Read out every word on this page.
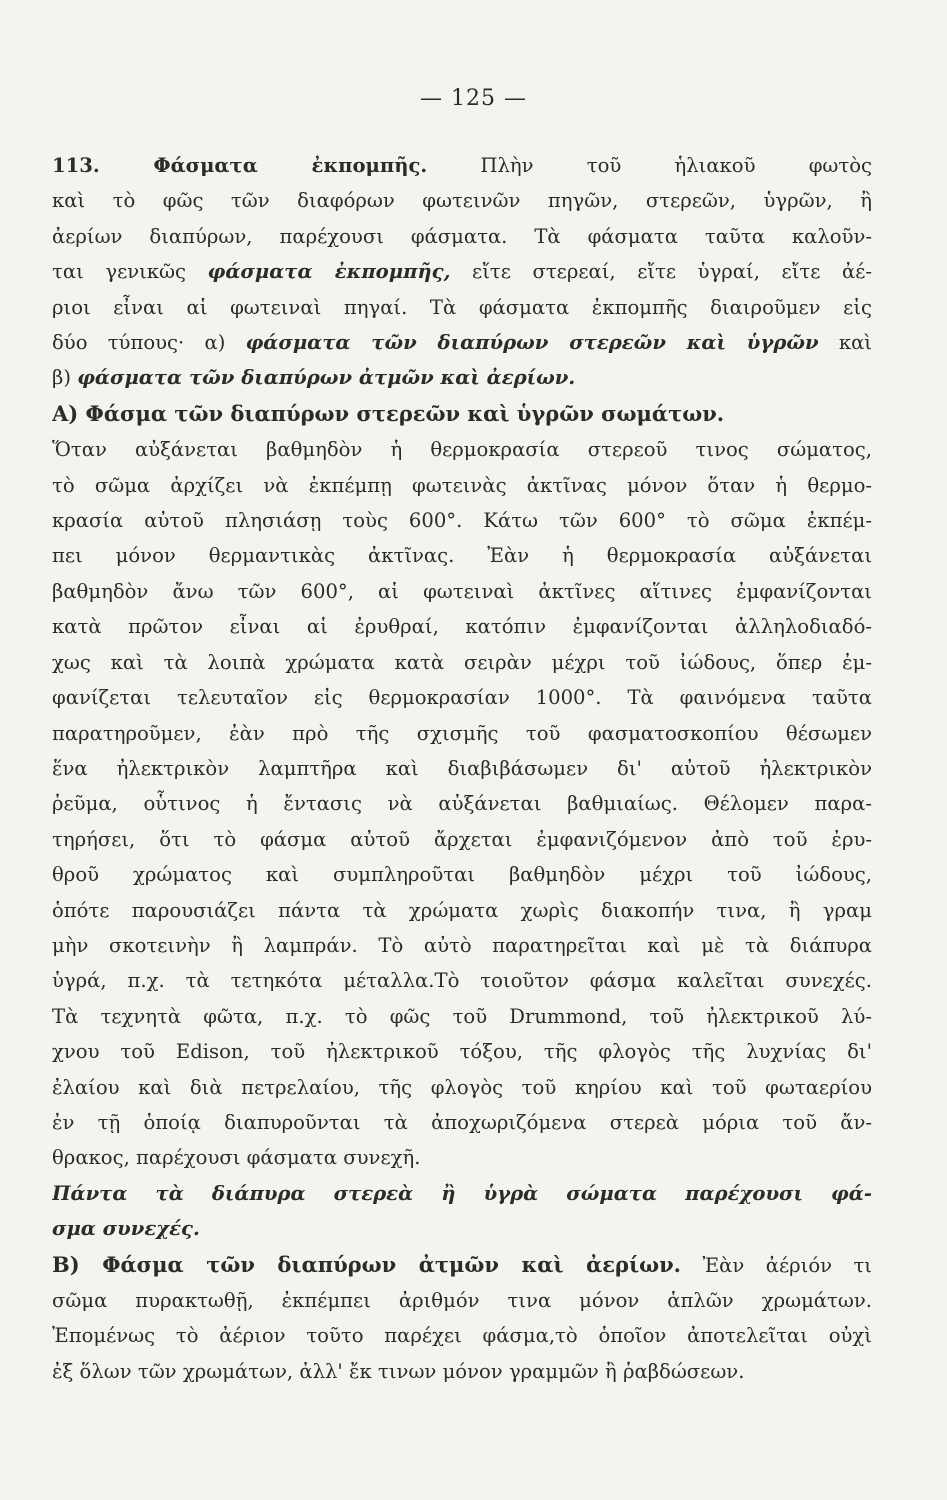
— 125 —
113. Φάσματα ἐκπομπῆς. Πλὴν τοῦ ἡλιακοῦ φωτὸς
καὶ τὸ φῶς τῶν διαφόρων φωτεινῶν πηγῶν, στερεῶν, ὑγρῶν, ἢ
ἀερίων διαπύρων, παρέχουσι φάσματα. Τὰ φάσματα ταῦτα καλοῦν-
ται γενικῶς φάσματα ἐκπομπῆς, εἴτε στερεαί, εἴτε ὑγραί, εἴτε ἀέ-
ριοι εἶναι αἱ φωτειναὶ πηγαί. Τὰ φάσματα ἐκπομπῆς διαιροῦμεν εἰς
δύο τύπους· α) φάσματα τῶν διαπύρων στερεῶν καὶ ὑγρῶν καὶ
β) φάσματα τῶν διαπύρων ἀτμῶν καὶ ἀερίων.
Α) Φάσμα τῶν διαπύρων στερεῶν καὶ ὑγρῶν σωμάτων.
Ὅταν αὐξάνεται βαθμηδὸν ἡ θερμοκρασία στερεοῦ τινος σώματος,
τὸ σῶμα ἀρχίζει νὰ ἐκπέμπῃ φωτεινὰς ἀκτῖνας μόνον ὅταν ἡ θερμο-
κρασία αὐτοῦ πλησιάσῃ τοὺς 600°. Κάτω τῶν 600° τὸ σῶμα ἐκπέμ-
πει μόνον θερμαντικὰς ἀκτῖνας. Ἐὰν ἡ θερμοκρασία αὐξάνεται
βαθμηδὸν ἄνω τῶν 600°, αἱ φωτειναὶ ἀκτῖνες αἵτινες ἐμφανίζονται
κατὰ πρῶτον εἶναι αἱ ἐρυθραί, κατόπιν ἐμφανίζονται ἀλληλοδιαδό-
χως καὶ τὰ λοιπὰ χρώματα κατὰ σειρὰν μέχρι τοῦ ἰώδους, ὅπερ ἐμ-
φανίζεται τελευταῖον εἰς θερμοκρασίαν 1000°. Τὰ φαινόμενα ταῦτα
παρατηροῦμεν, ἐὰν πρὸ τῆς σχισμῆς τοῦ φασματοσκοπίου θέσωμεν
ἕνα ἠλεκτρικὸν λαμπτῆρα καὶ διαβιβάσωμεν δι' αὐτοῦ ἠλεκτρικὸν
ῥεῦμα, οὗτινος ἡ ἔντασις νὰ αὐξάνεται βαθμιαίως. Θέλομεν παρα-
τηρήσει, ὅτι τὸ φάσμα αὐτοῦ ἄρχεται ἐμφανιζόμενον ἀπὸ τοῦ ἐρυ-
θροῦ χρώματος καὶ συμπληροῦται βαθμηδὸν μέχρι τοῦ ἰώδους,
ὁπότε παρουσιάζει πάντα τὰ χρώματα χωρὶς διακοπήν τινα, ἢ γραμ
μὴν σκοτεινὴν ἢ λαμπράν. Τὸ αὐτὸ παρατηρεῖται καὶ μὲ τὰ διάπυρα
ὑγρά, π.χ. τὰ τετηκότα μέταλλα.Τὸ τοιοῦτον φάσμα καλεῖται συνεχές.
Τὰ τεχνητὰ φῶτα, π.χ. τὸ φῶς τοῦ Drummond, τοῦ ἠλεκτρικοῦ λύ-
χνου τοῦ Edison, τοῦ ἠλεκτρικοῦ τόξου, τῆς φλογὸς τῆς λυχνίας δι'
ἐλαίου καὶ διὰ πετρελαίου, τῆς φλογὸς τοῦ κηρίου καὶ τοῦ φωταερίου
ἐν τῇ ὁποίᾳ διαπυροῦνται τὰ ἀποχωριζόμενα στερεὰ μόρια τοῦ ἄν-
θρακος, παρέχουσι φάσματα συνεχῆ.
Πάντα τὰ διάπυρα στερεὰ ἢ ὑγρὰ σώματα παρέχουσι φά-
σμα συνεχές.
Β) Φάσμα τῶν διαπύρων ἀτμῶν καὶ ἀερίων. Ἐὰν ἀέριόν τι
σῶμα πυρακτωθῇ, ἐκπέμπει ἀριθμόν τινα μόνον ἁπλῶν χρωμάτων.
Ἐπομένως τὸ ἀέριον τοῦτο παρέχει φάσμα,τὸ ὁποῖον ἀποτελεῖται οὐχὶ
ἐξ ὅλων τῶν χρωμάτων, ἀλλ' ἔκ τινων μόνον γραμμῶν ἢ ῥαβδώσεων.
